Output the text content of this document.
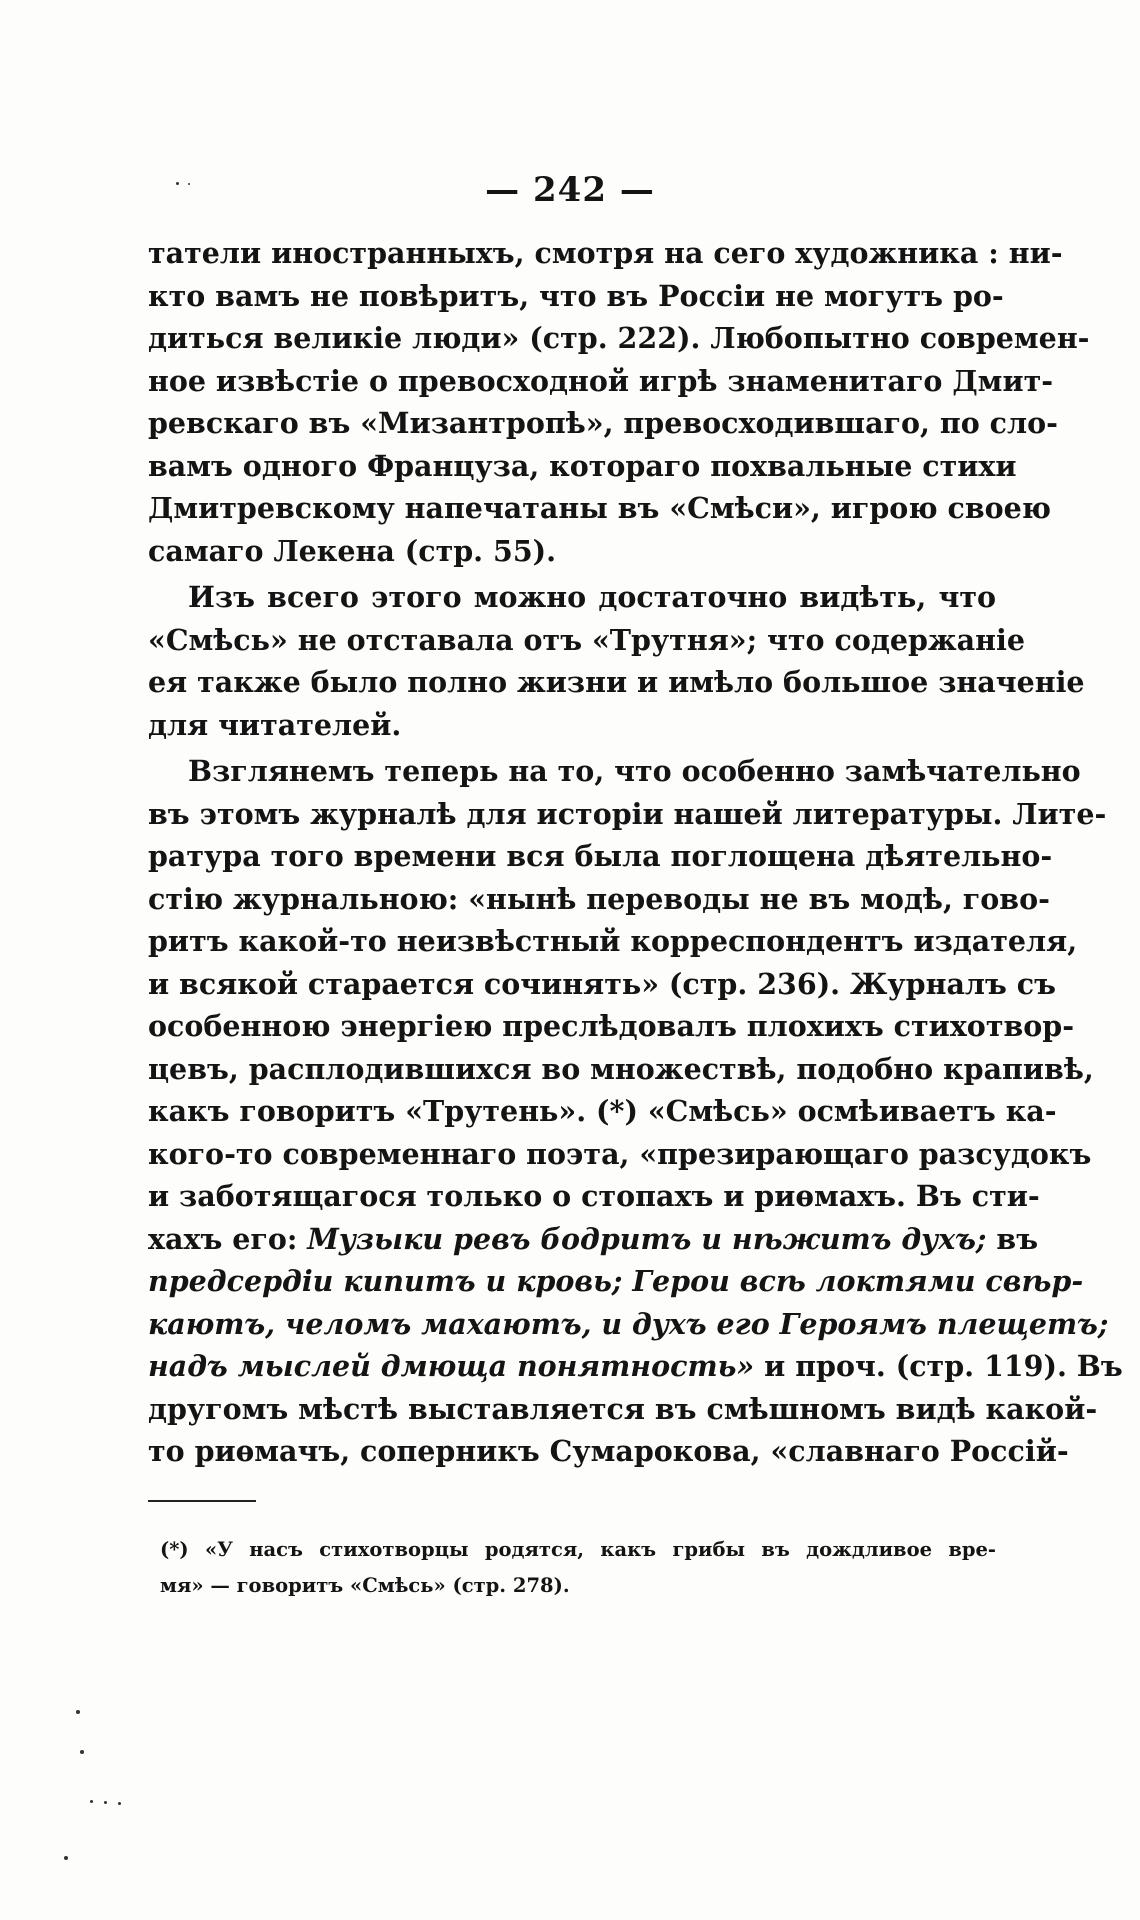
— 242 —
татели иностранныхъ, смотря на сего художника : ни-
кто вамъ не повѣритъ, что въ Россіи не могутъ ро-
диться великіе люди» (стр. 222). Любопытно современ-
ное извѣстіе о превосходной игрѣ знаменитаго Дмит-
ревскаго въ «Мизантропѣ», превосходившаго, по сло-
вамъ одного Француза, котораго похвальные стихи
Дмитревскому напечатаны въ «Смѣси», игрою своею
самаго Лекена (стр. 55).
Изъ всего этого можно достаточно видѣть, что
«Смѣсь» не отставала отъ «Трутня»; что содержаніе
ея также было полно жизни и имѣло большое значеніе
для читателей.
Взглянемъ теперь на то, что особенно замѣчательно
въ этомъ журналѣ для исторіи нашей литературы. Лите-
ратура того времени вся была поглощена дѣятельно-
стію журнальною: «нынѣ переводы не въ модѣ, гово-
ритъ какой-то неизвѣстный корреспондентъ издателя,
и всякой старается сочинять» (стр. 236). Журналъ съ
особенною энергіею преслѣдовалъ плохихъ стихотвор-
цевъ, расплодившихся во множествѣ, подобно крапивѣ,
какъ говоритъ «Трутень». (*) «Смѣсь» осмѣиваетъ ка-
кого-то современнаго поэта, «презирающаго разсудокъ
и заботящагося только о стопахъ и риѳмахъ. Въ сти-
хахъ его: Музыки ревъ бодритъ и нѣжитъ духъ; въ
предсердіи кипитъ и кровь; Герои всѣ локтями свѣр-
каютъ, челомъ махаютъ, и духъ его Героямъ плещетъ;
надъ мыслей дмюща понятность» и проч. (стр. 119). Въ
другомъ мѣстѣ выставляется въ смѣшномъ видѣ какой-
то риѳмачъ, соперникъ Сумарокова, «славнаго Россій-
(*) «У насъ стихотворцы родятся, какъ грибы въ дождливое вре-
мя» — говоритъ «Смѣсь» (стр. 278).
